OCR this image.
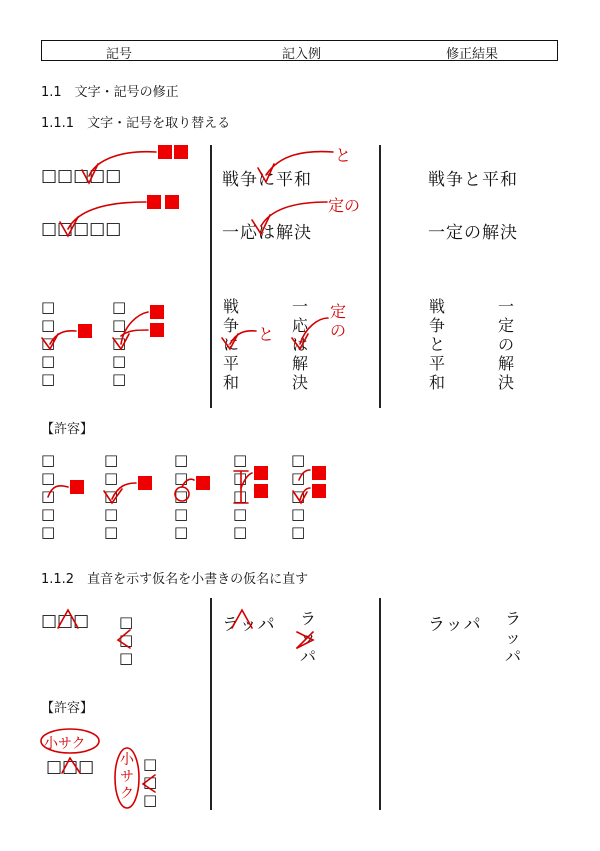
記号	記入例	修正結果
1.1　文字・記号の修正
1.1.1　文字・記号を取り替える
【許容】
1.1.2　直音を示す仮名を小書きの仮名に直す
【許容】
□□□□□
□□□□□
□
□
□
□
□
□
□
□
□
□
戦争に平和
と
一応は解決
定の
戦
争
に
平
和
と
一
応
は
解
決
定
の
戦争と平和
一定の解決
戦
争
と
平
和
一
定
の
解
決
□
□
□
□
□
□
□
□
□
□
□
□
□
□
□
□
□
□
□
□
□
□
□
□
□
□□□ □
□
□
ラッパ ラ
ッ
パ
ラッパ ラ
ッ
パ
小サク
□□□ 小
サ
ク
□
□
□
